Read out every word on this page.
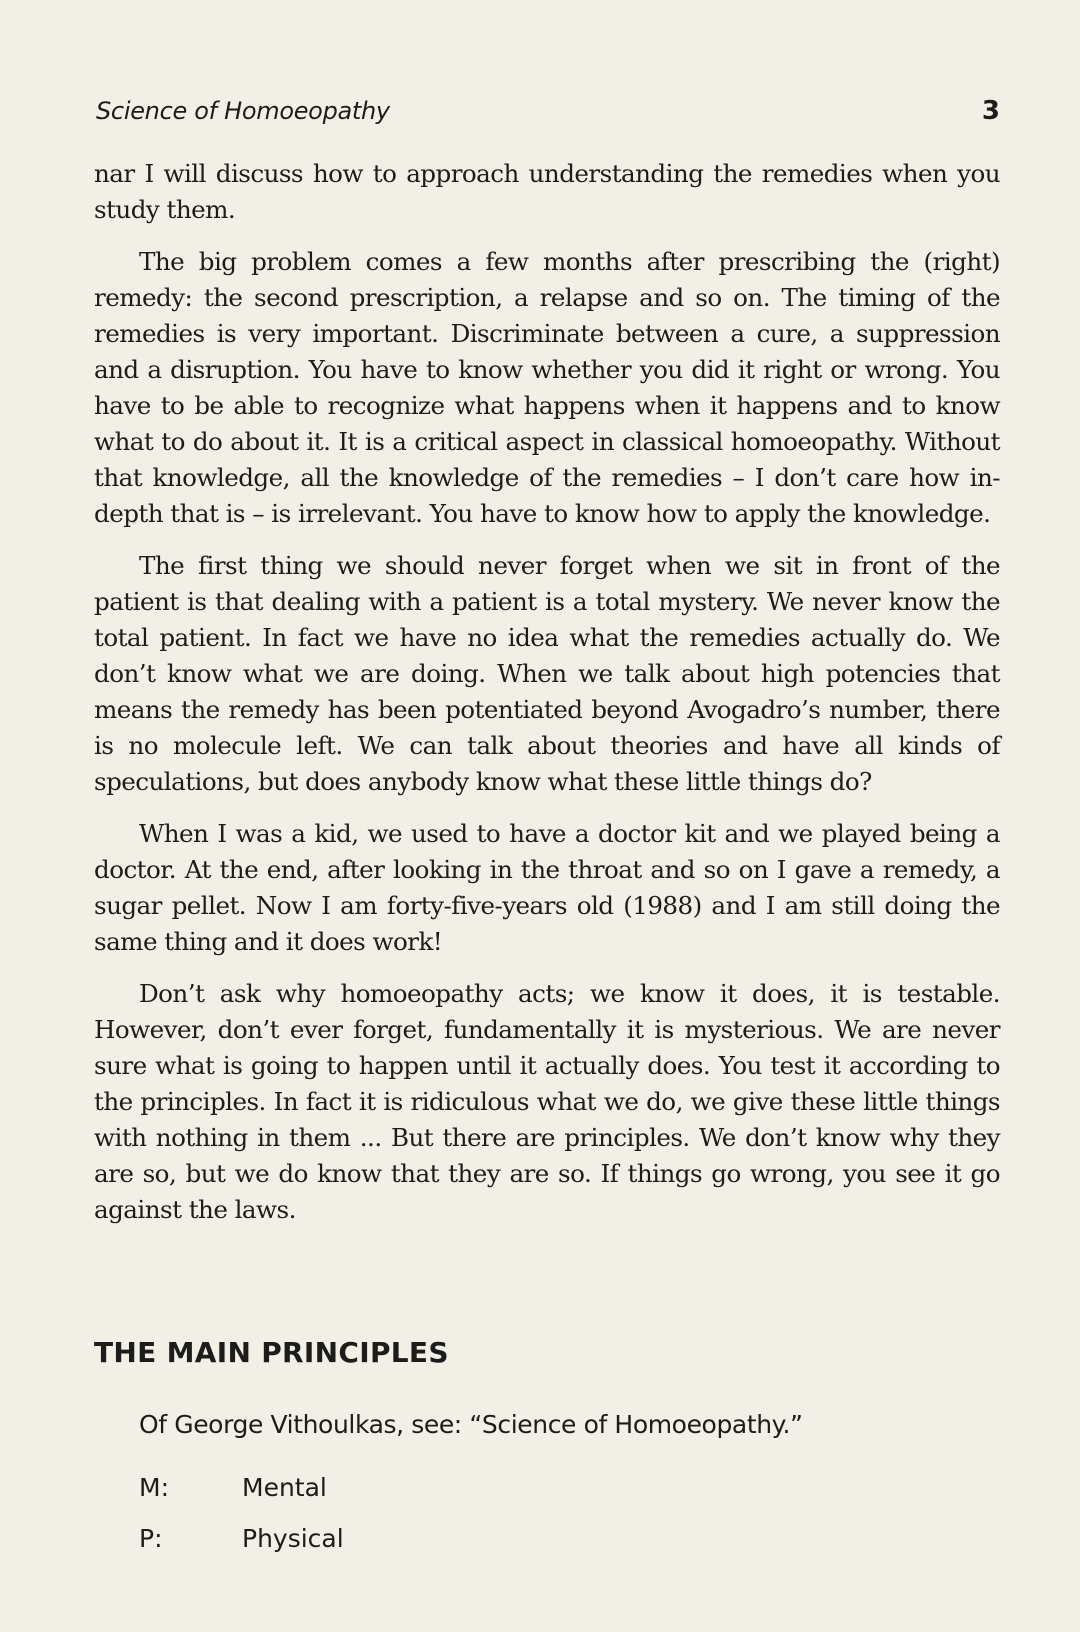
Science of Homoeopathy	3

nar I will discuss how to approach understanding the remedies when you study them.

The big problem comes a few months after prescribing the (right) remedy: the second prescription, a relapse and so on. The timing of the remedies is very important. Discriminate between a cure, a suppression and a disruption. You have to know whether you did it right or wrong. You have to be able to recognize what happens when it happens and to know what to do about it. It is a critical aspect in classical homoeopathy. Without that knowledge, all the knowledge of the remedies – I don’t care how in-depth that is – is irrelevant. You have to know how to apply the knowledge.

The first thing we should never forget when we sit in front of the patient is that dealing with a patient is a total mystery. We never know the total patient. In fact we have no idea what the remedies actually do. We don’t know what we are doing. When we talk about high potencies that means the remedy has been potentiated beyond Avogadro’s number, there is no molecule left. We can talk about theories and have all kinds of speculations, but does anybody know what these little things do?

When I was a kid, we used to have a doctor kit and we played being a doctor. At the end, after looking in the throat and so on I gave a remedy, a sugar pellet. Now I am forty-five-years old (1988) and I am still doing the same thing and it does work!

Don’t ask why homoeopathy acts; we know it does, it is testable. However, don’t ever forget, fundamentally it is mysterious. We are never sure what is going to happen until it actually does. You test it according to the principles. In fact it is ridiculous what we do, we give these little things with nothing in them ... But there are principles. We don’t know why they are so, but we do know that they are so. If things go wrong, you see it go against the laws.

THE MAIN PRINCIPLES
Of George Vithoulkas, see: “Science of Homoeopathy.”
M:	Mental
P:	Physical
